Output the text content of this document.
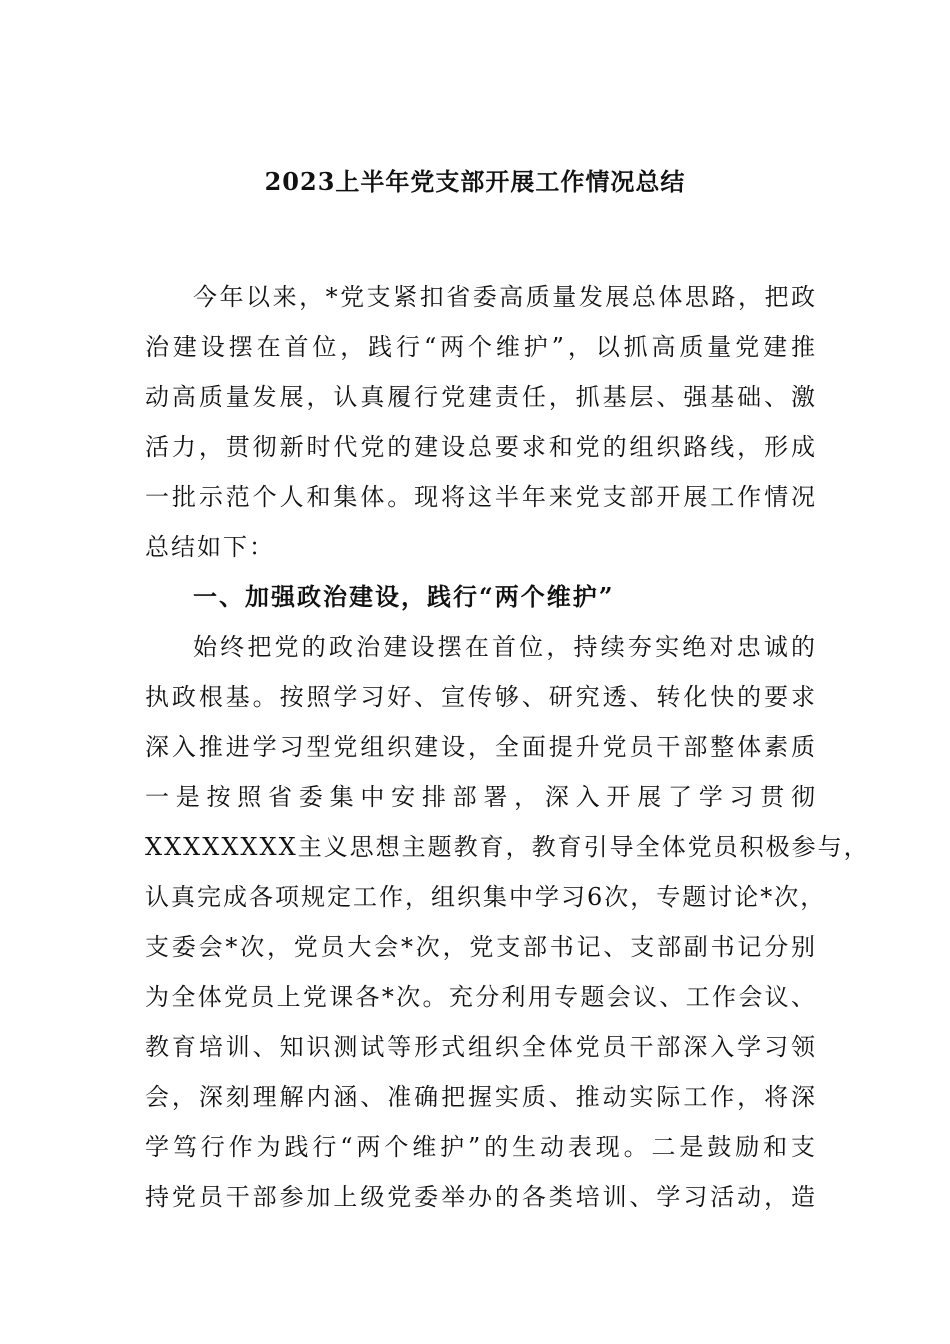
2023上半年党支部开展工作情况总结
今年以来，*党支紧扣省委高质量发展总体思路，把政
治建设摆在首位，践行“两个维护”，以抓高质量党建推
动高质量发展，认真履行党建责任，抓基层、强基础、激
活力，贯彻新时代党的建设总要求和党的组织路线，形成
一批示范个人和集体。现将这半年来党支部开展工作情况
总结如下：
一、加强政治建设，践行“两个维护”
始终把党的政治建设摆在首位，持续夯实绝对忠诚的
执政根基。按照学习好、宣传够、研究透、转化快的要求
深入推进学习型党组织建设，全面提升党员干部整体素质
一是按照省委集中安排部署，深入开展了学习贯彻
XXXXXXXX主义思想主题教育，教育引导全体党员积极参与，
认真完成各项规定工作，组织集中学习6次，专题讨论*次，
支委会*次，党员大会*次，党支部书记、支部副书记分别
为全体党员上党课各*次。充分利用专题会议、工作会议、
教育培训、知识测试等形式组织全体党员干部深入学习领
会，深刻理解内涵、准确把握实质、推动实际工作，将深
学笃行作为践行“两个维护”的生动表现。二是鼓励和支
持党员干部参加上级党委举办的各类培训、学习活动，造
